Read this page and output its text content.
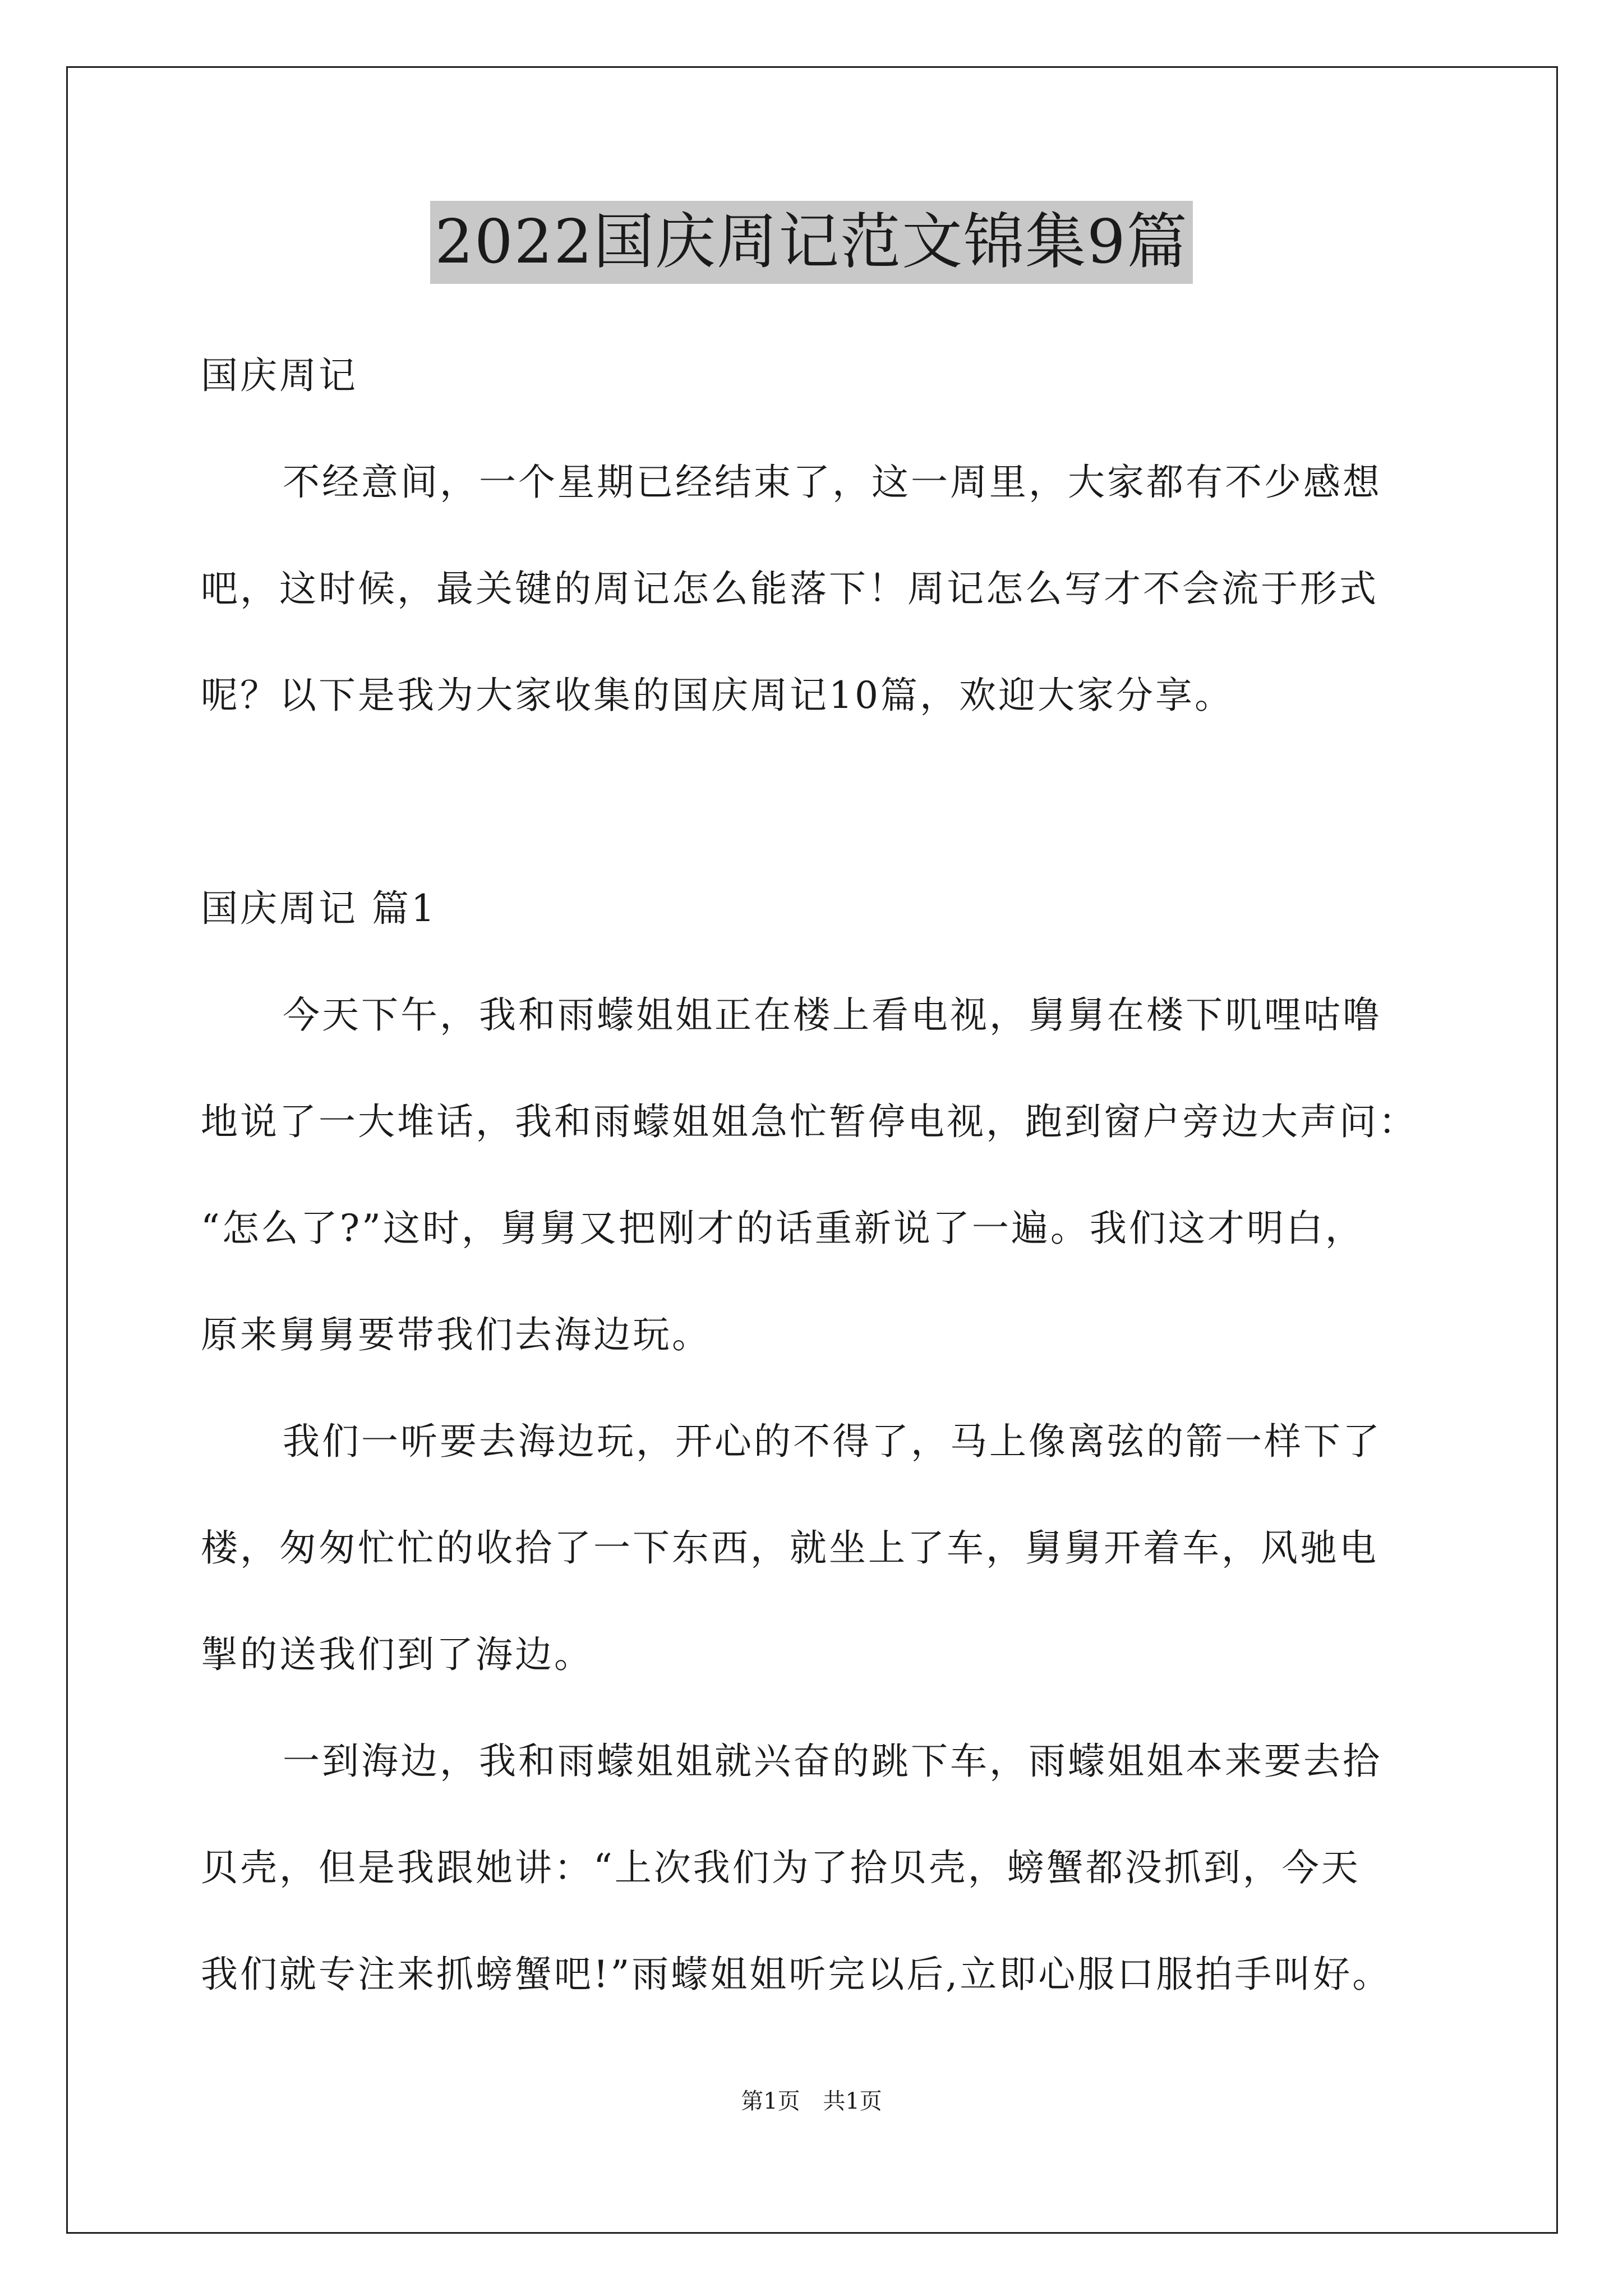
2022国庆周记范文锦集9篇
国庆周记
不经意间，一个星期已经结束了，这一周里，大家都有不少感想
吧，这时候，最关键的周记怎么能落下！周记怎么写才不会流于形式
呢？以下是我为大家收集的国庆周记10篇，欢迎大家分享。
国庆周记 篇1
今天下午，我和雨蠓姐姐正在楼上看电视，舅舅在楼下叽哩咕噜
地说了一大堆话，我和雨蠓姐姐急忙暂停电视，跑到窗户旁边大声问：
“怎么了?”这时，舅舅又把刚才的话重新说了一遍。我们这才明白，
原来舅舅要带我们去海边玩。
我们一听要去海边玩，开心的不得了，马上像离弦的箭一样下了
楼，匆匆忙忙的收拾了一下东西，就坐上了车，舅舅开着车，风驰电
掣的送我们到了海边。
一到海边，我和雨蠓姐姐就兴奋的跳下车，雨蠓姐姐本来要去拾
贝壳，但是我跟她讲：“上次我们为了拾贝壳，螃蟹都没抓到，今天
我们就专注来抓螃蟹吧!”雨蠓姐姐听完以后,立即心服口服拍手叫好。
第1页 共1页
